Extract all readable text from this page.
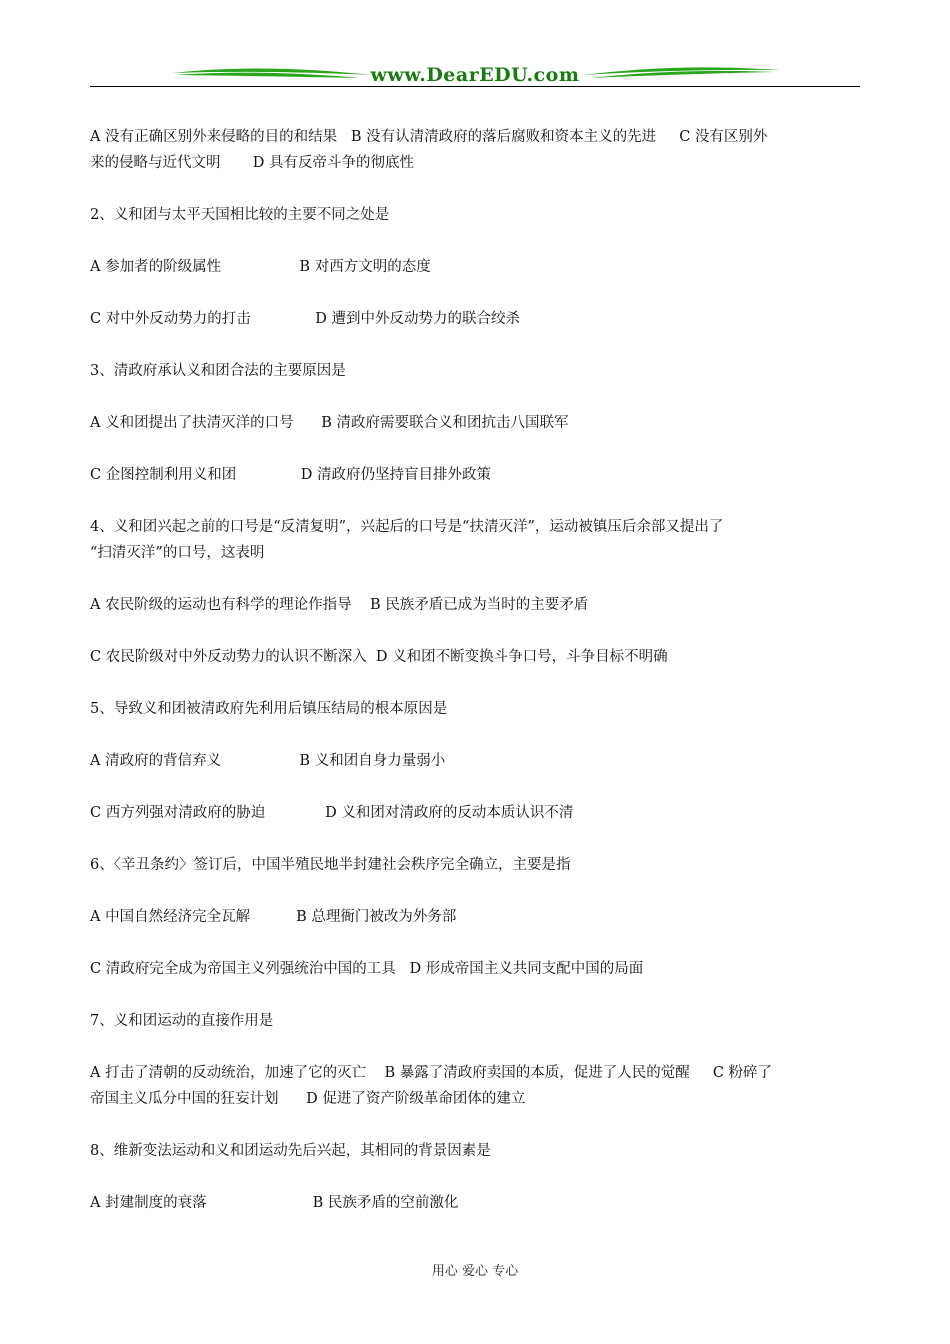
www.DearEDU.com

A 没有正确区别外来侵略的目的和结果   B 没有认清清政府的落后腐败和资本主义的先进     C 没有区别外

来的侵略与近代文明       D 具有反帝斗争的彻底性

2、义和团与太平天国相比较的主要不同之处是

A 参加者的阶级属性                 B 对西方文明的态度

C 对中外反动势力的打击              D 遭到中外反动势力的联合绞杀

3、清政府承认义和团合法的主要原因是

A 义和团提出了扶清灭洋的口号      B 清政府需要联合义和团抗击八国联军

C 企图控制利用义和团              D 清政府仍坚持盲目排外政策

4、义和团兴起之前的口号是“反清复明”，兴起后的口号是“扶清灭洋”，运动被镇压后余部又提出了

“扫清灭洋”的口号，这表明

A 农民阶级的运动也有科学的理论作指导    B 民族矛盾已成为当时的主要矛盾

C 农民阶级对中外反动势力的认识不断深入  D 义和团不断变换斗争口号，斗争目标不明确

5、导致义和团被清政府先利用后镇压结局的根本原因是

A 清政府的背信弃义                 B 义和团自身力量弱小

C 西方列强对清政府的胁迫             D 义和团对清政府的反动本质认识不清

6、〈辛丑条约〉签订后，中国半殖民地半封建社会秩序完全确立，主要是指

A 中国自然经济完全瓦解          B 总理衙门被改为外务部

C 清政府完全成为帝国主义列强统治中国的工具   D 形成帝国主义共同支配中国的局面

7、义和团运动的直接作用是

A 打击了清朝的反动统治，加速了它的灭亡    B 暴露了清政府卖国的本质，促进了人民的觉醒     C 粉碎了

帝国主义瓜分中国的狂妄计划      D 促进了资产阶级革命团体的建立

8、维新变法运动和义和团运动先后兴起，其相同的背景因素是

A 封建制度的衰落                       B 民族矛盾的空前激化

用心 爱心 专心
